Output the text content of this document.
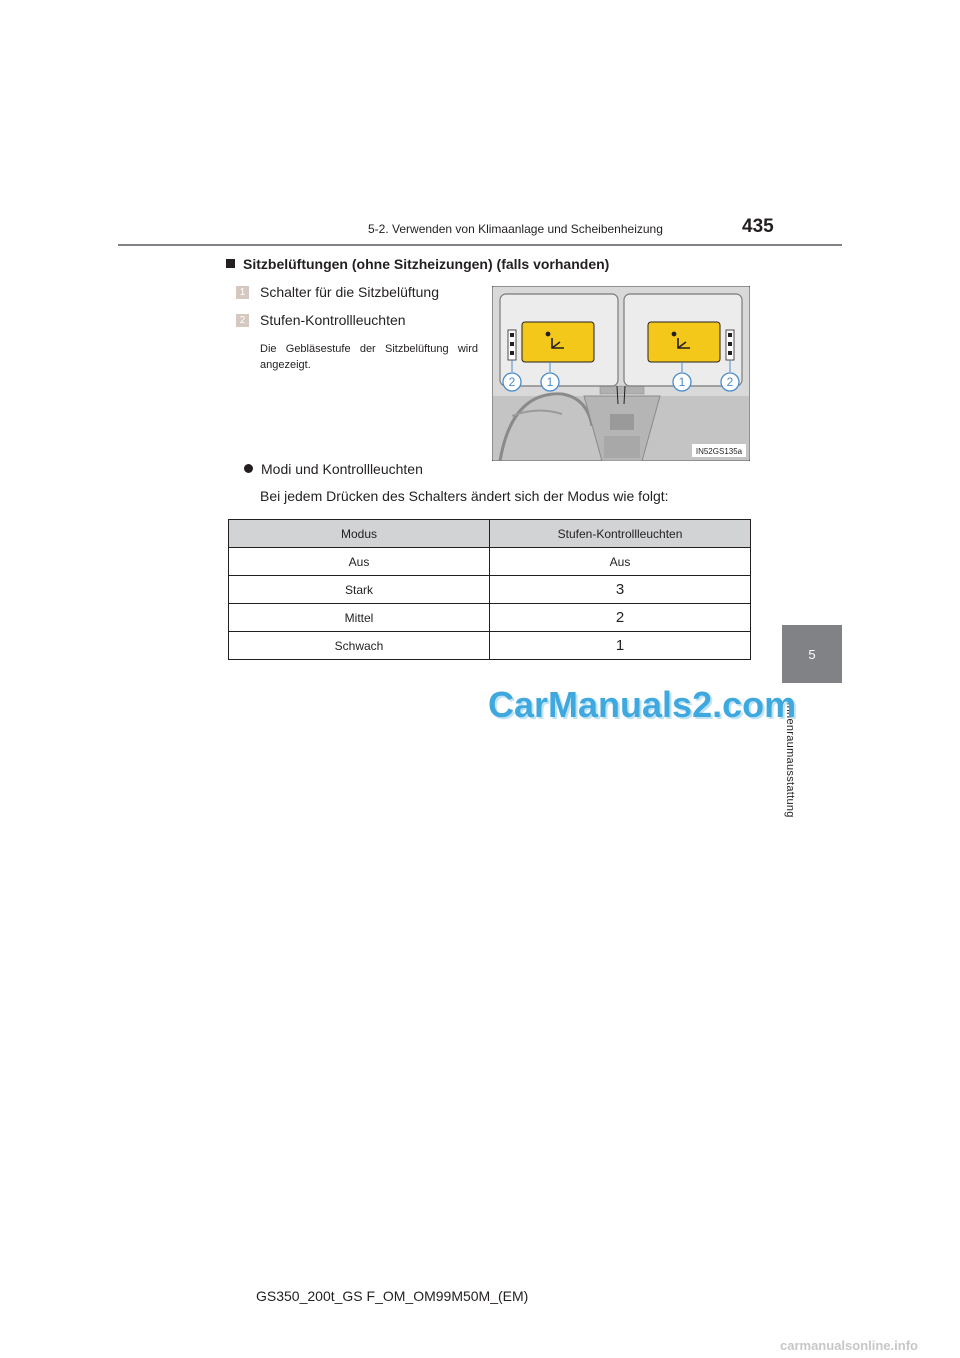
5-2. Verwenden von Klimaanlage und Scheibenheizung	435
5
Innenraumausstattung
Sitzbelüftungen (ohne Sitzheizungen) (falls vorhanden)
1 Schalter für die Sitzbelüftung
2 Stufen-Kontrollleuchten
Die Gebläsestufe der Sitzbelüftung wird angezeigt.
2	1	1	2
IN52GS135a
Modi und Kontrollleuchten
Bei jedem Drücken des Schalters ändert sich der Modus wie folgt:
Modus	Stufen-Kontrollleuchten
Aus	Aus
Stark	3
Mittel	2
Schwach	1
CarManuals2.com
GS350_200t_GS F_OM_OM99M50M_(EM)
carmanualsonline.info
